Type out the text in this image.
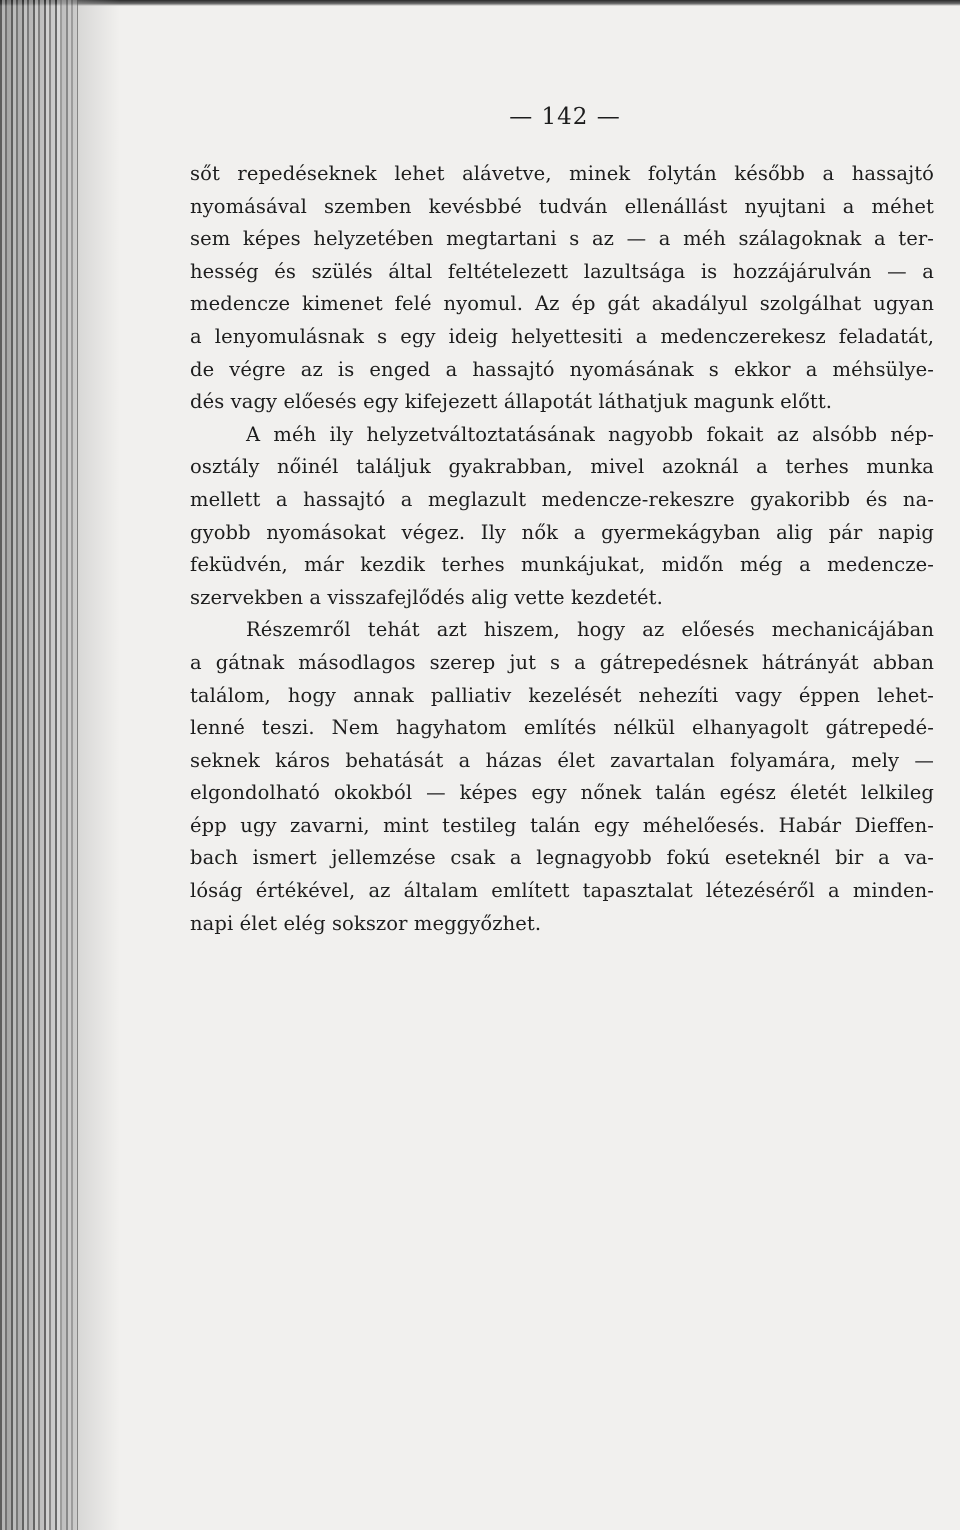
— 142 —
sőt repedéseknek lehet alávetve, minek folytán később a hassajtó
nyomásával szemben kevésbbé tudván ellenállást nyujtani a méhet
sem képes helyzetében megtartani s az — a méh szálagoknak a ter-
hesség és szülés által feltételezett lazultsága is hozzájárulván — a
medencze kimenet felé nyomul. Az ép gát akadályul szolgálhat ugyan
a lenyomulásnak s egy ideig helyettesiti a medenczerekesz feladatát,
de végre az is enged a hassajtó nyomásának s ekkor a méhsülye-
dés vagy előesés egy kifejezett állapotát láthatjuk magunk előtt.
A méh ily helyzetváltoztatásának nagyobb fokait az alsóbb nép-
osztály nőinél találjuk gyakrabban, mivel azoknál a terhes munka
mellett a hassajtó a meglazult medencze-rekeszre gyakoribb és na-
gyobb nyomásokat végez. Ily nők a gyermekágyban alig pár napig
feküdvén, már kezdik terhes munkájukat, midőn még a medencze-
szervekben a visszafejlődés alig vette kezdetét.
Részemről tehát azt hiszem, hogy az előesés mechanicájában
a gátnak másodlagos szerep jut s a gátrepedésnek hátrányát abban
találom, hogy annak palliativ kezelését nehezíti vagy éppen lehet-
lenné teszi. Nem hagyhatom említés nélkül elhanyagolt gátrepedé-
seknek káros behatását a házas élet zavartalan folyamára, mely —
elgondolható okokból — képes egy nőnek talán egész életét lelkileg
épp ugy zavarni, mint testileg talán egy méhelőesés. Habár Dieffen-
bach ismert jellemzése csak a legnagyobb fokú eseteknél bir a va-
lóság értékével, az általam említett tapasztalat létezéséről a minden-
napi élet elég sokszor meggyőzhet.
